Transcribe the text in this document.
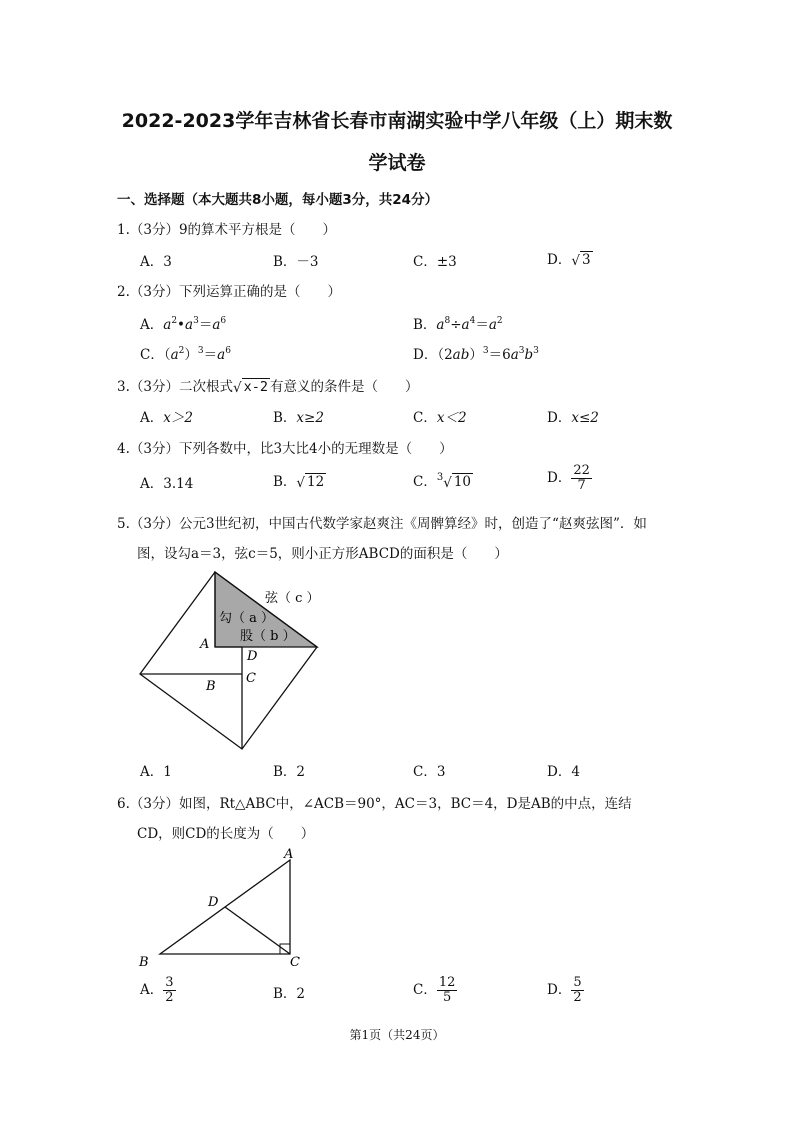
2022-2023学年吉林省长春市南湖实验中学八年级（上）期末数
学试卷
一、选择题（本大题共8小题，每小题3分，共24分）
1.（3分）9的算术平方根是（　　）
A．3	B．－3	C．±3	D．√ 3
2.（3分）下列运算正确的是（　　）
A．$a^2•a^3=a^6$	B．$a^8\div a^4=a^2$
C．$(a^2)^3=a^6$	D．$(2ab)^3=6a^3b^3$
3.（3分）二次根式√ x-2 有意义的条件是（　　）
A．x＞2	B．x≥2	C．x＜2	D．x≤2
4.（3分）下列各数中，比3大比4小的无理数是（　　）
A．3.14	B．√ 12	C．$^3$√ 10	D． $\frac{22}{7}$
5.（3分）公元3世纪初，中国古代数学家赵爽注《周髀算经》时，创造了“赵爽弦图”．如
图，设勾a＝3，弦c＝5，则小正方形ABCD的面积是（　　）
弦（ c ）
勾（ a ）
股（ b ）
A
D
C
B
A．1	B．2	C．3	D．4
6.（3分）如图，Rt△ABC中，∠ACB＝90°，AC＝3，BC＝4，D是AB的中点，连结
CD，则CD的长度为（　　）
A
B	C
D
A． $\frac{3}{2}$	B．2	C． $\frac{12}{5}$	D． $\frac{5}{2}$
第1页（共24页）
